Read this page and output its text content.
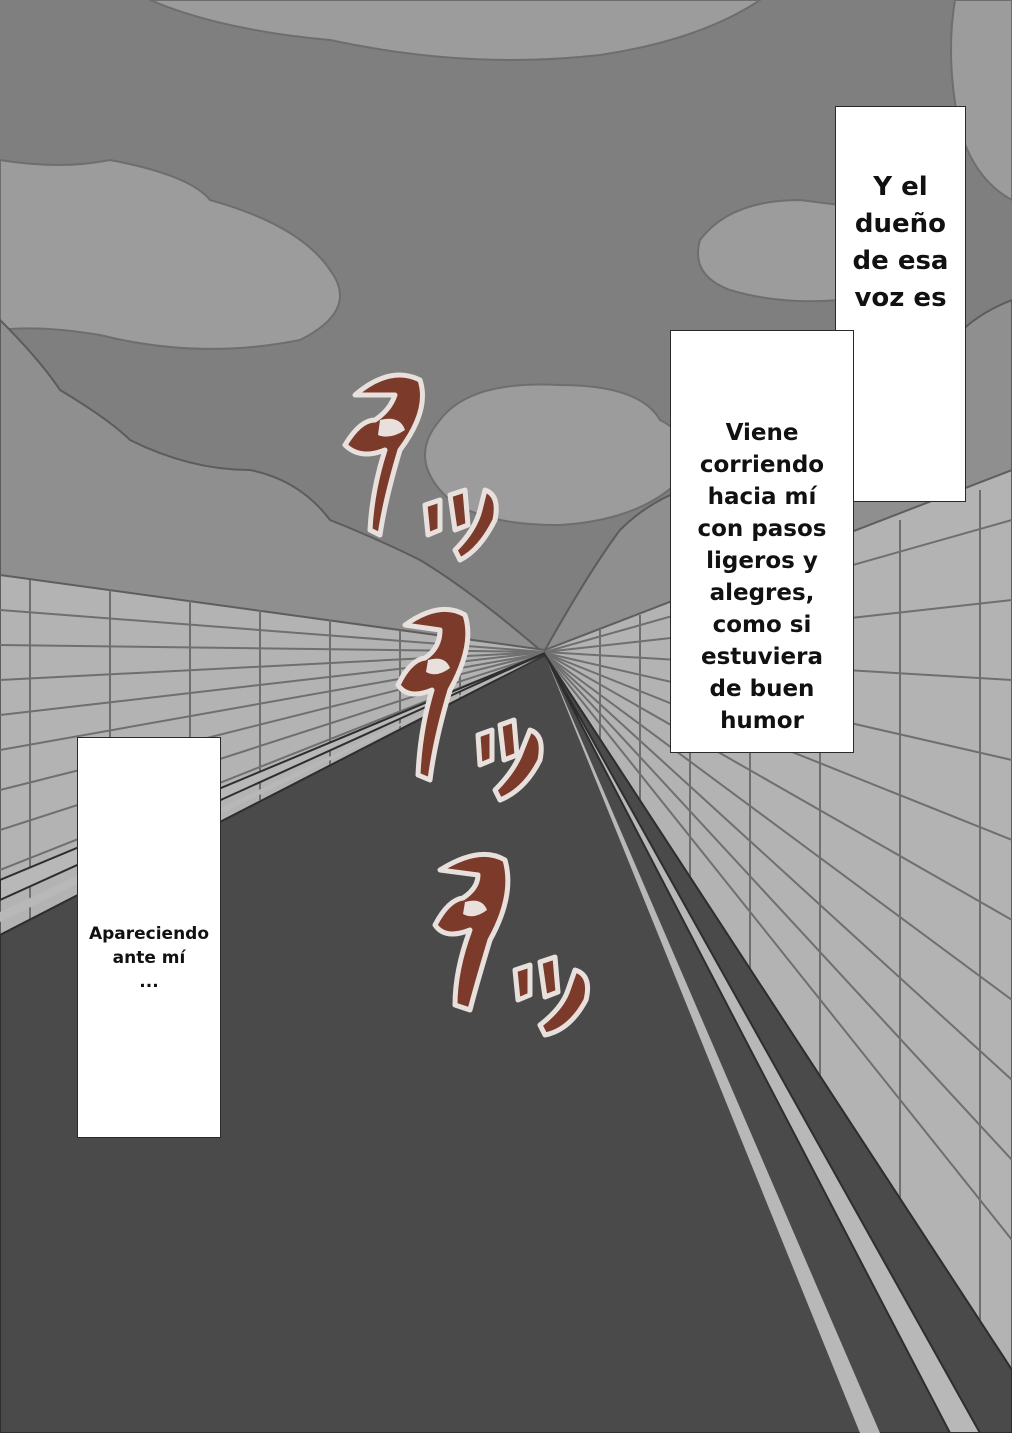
Y el
dueño
de esa
voz es
Viene
corriendo
hacia mí
con pasos
ligeros y
alegres,
como si
estuviera
de buen
humor
Apareciendo
ante mí
...
